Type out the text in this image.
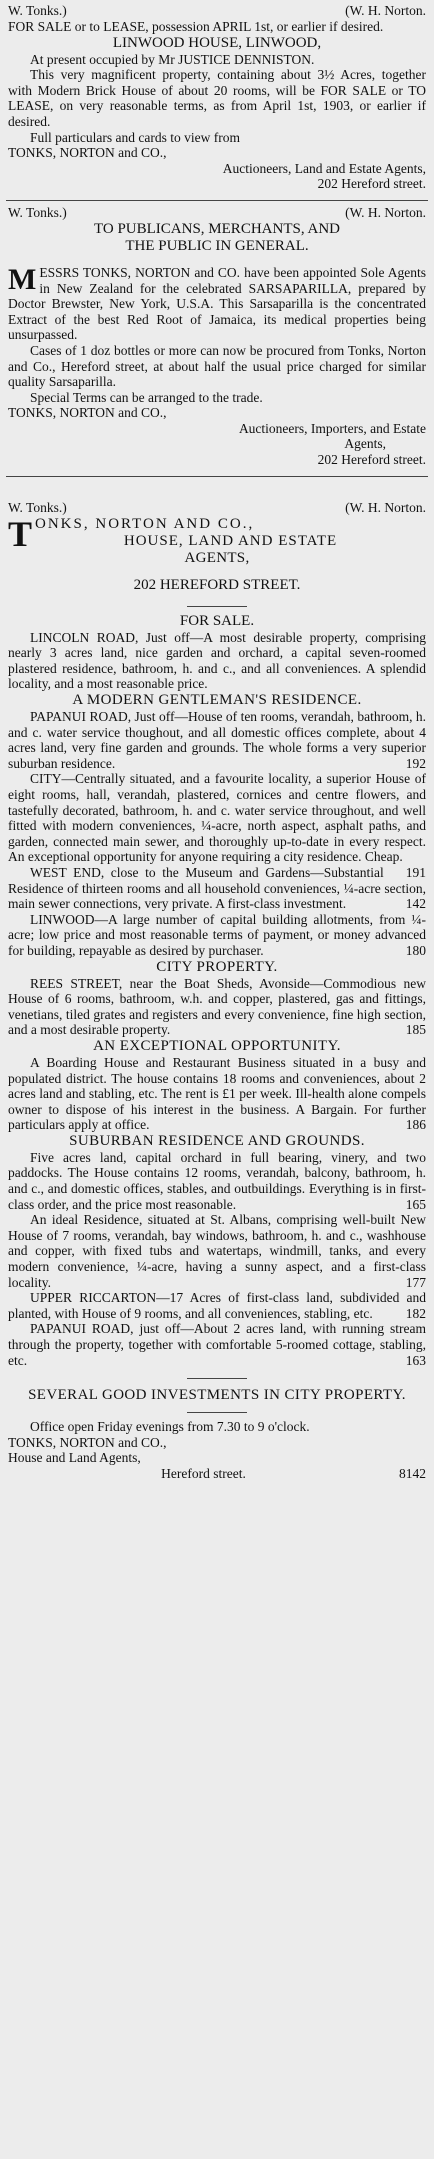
W. Tonks.)	(W. H. Norton.

FOR SALE or to LEASE, possession APRIL 1st, or earlier if desired.

LINWOOD HOUSE, LINWOOD,

At present occupied by Mr JUSTICE DENNISTON.

This very magnificent property, containing about 3½ Acres, together with Modern Brick House of about 20 rooms, will be FOR SALE or TO LEASE, on very reasonable terms, as from April 1st, 1903, or earlier if desired.

Full particulars and cards to view from

TONKS, NORTON and CO.,
Auctioneers, Land and Estate Agents,
202 Hereford street.
W. Tonks.)	(W. H. Norton.
TO PUBLICANS, MERCHANTS, AND
THE PUBLIC IN GENERAL.

MESSRS TONKS, NORTON and CO. have been appointed Sole Agents in New Zealand for the celebrated SARSAPARILLA, prepared by Doctor Brewster, New York, U.S.A. This Sarsaparilla is the concentrated Extract of the best Red Root of Jamaica, its medical properties being unsurpassed.

Cases of 1 doz bottles or more can now be procured from Tonks, Norton and Co., Hereford street, at about half the usual price charged for similar quality Sarsaparilla.

Special Terms can be arranged to the trade.

TONKS, NORTON and CO.,
Auctioneers, Importers, and Estate
Agents,
202 Hereford street.
W. Tonks.)	(W. H. Norton.
T ONKS, NORTON AND CO.,
HOUSE, LAND AND ESTATE
AGENTS,
202 HEREFORD STREET.
FOR SALE.

LINCOLN ROAD, Just off—A most desirable property, comprising nearly 3 acres land, nice garden and orchard, a capital seven-roomed plastered residence, bathroom, h. and c., and all conveniences. A splendid locality, and a most reasonable price.

A MODERN GENTLEMAN'S RESIDENCE.

PAPANUI ROAD, Just off—House of ten rooms, verandah, bathroom, h. and c. water service thoughout, and all domestic offices complete, about 4 acres land, very fine garden and grounds. The whole forms a very superior suburban residence.	192

CITY—Centrally situated, and a favourite locality, a superior House of eight rooms, hall, verandah, plastered, cornices and centre flowers, and tastefully decorated, bathroom, h. and c. water service throughout, and well fitted with modern conveniences, ¼-acre, north aspect, asphalt paths, and garden, connected main sewer, and thoroughly up-to-date in every respect. An exceptional opportunity for anyone requiring a city residence. Cheap.
191

WEST END, close to the Museum and Gardens—Substantial Residence of thirteen rooms and all household conveniences, ¼-acre section, main sewer connections, very private. A first-class investment.	142

LINWOOD—A large number of capital building allotments, from ¼-acre; low price and most reasonable terms of payment, or money advanced for building, repayable as desired by purchaser.	180

CITY PROPERTY.

REES STREET, near the Boat Sheds, Avonside—Commodious new House of 6 rooms, bathroom, w.h. and copper, plastered, gas and fittings, venetians, tiled grates and registers and every convenience, fine high section, and a most desirable property.	185

AN EXCEPTIONAL OPPORTUNITY.

A Boarding House and Restaurant Business situated in a busy and populated district. The house contains 18 rooms and conveniences, about 2 acres land and stabling, etc. The rent is £1 per week. Ill-health alone compels owner to dispose of his interest in the business. A Bargain. For further particulars apply at office.	186

SUBURBAN RESIDENCE AND GROUNDS.

Five acres land, capital orchard in full bearing, vinery, and two paddocks. The House contains 12 rooms, verandah, balcony, bathroom, h. and c., and domestic offices, stables, and outbuildings. Everything is in first-class order, and the price most reasonable.	165

An ideal Residence, situated at St. Albans, comprising well-built New House of 7 rooms, verandah, bay windows, bathroom, h. and c., washhouse and copper, with fixed tubs and watertaps, windmill, tanks, and every modern convenience, ¼-acre, having a sunny aspect, and a first-class locality.	177

UPPER RICCARTON—17 Acres of first-class land, subdivided and planted, with House of 9 rooms, and all conveniences, stabling, etc.	182

PAPANUI ROAD, just off—About 2 acres land, with running stream through the property, together with comfortable 5-roomed cottage, stabling, etc.	163

SEVERAL GOOD INVESTMENTS IN CITY PROPERTY.

Office open Friday evenings from 7.30 to 9 o'clock.

TONKS, NORTON and CO.,
House and Land Agents,
Hereford street.	8142
